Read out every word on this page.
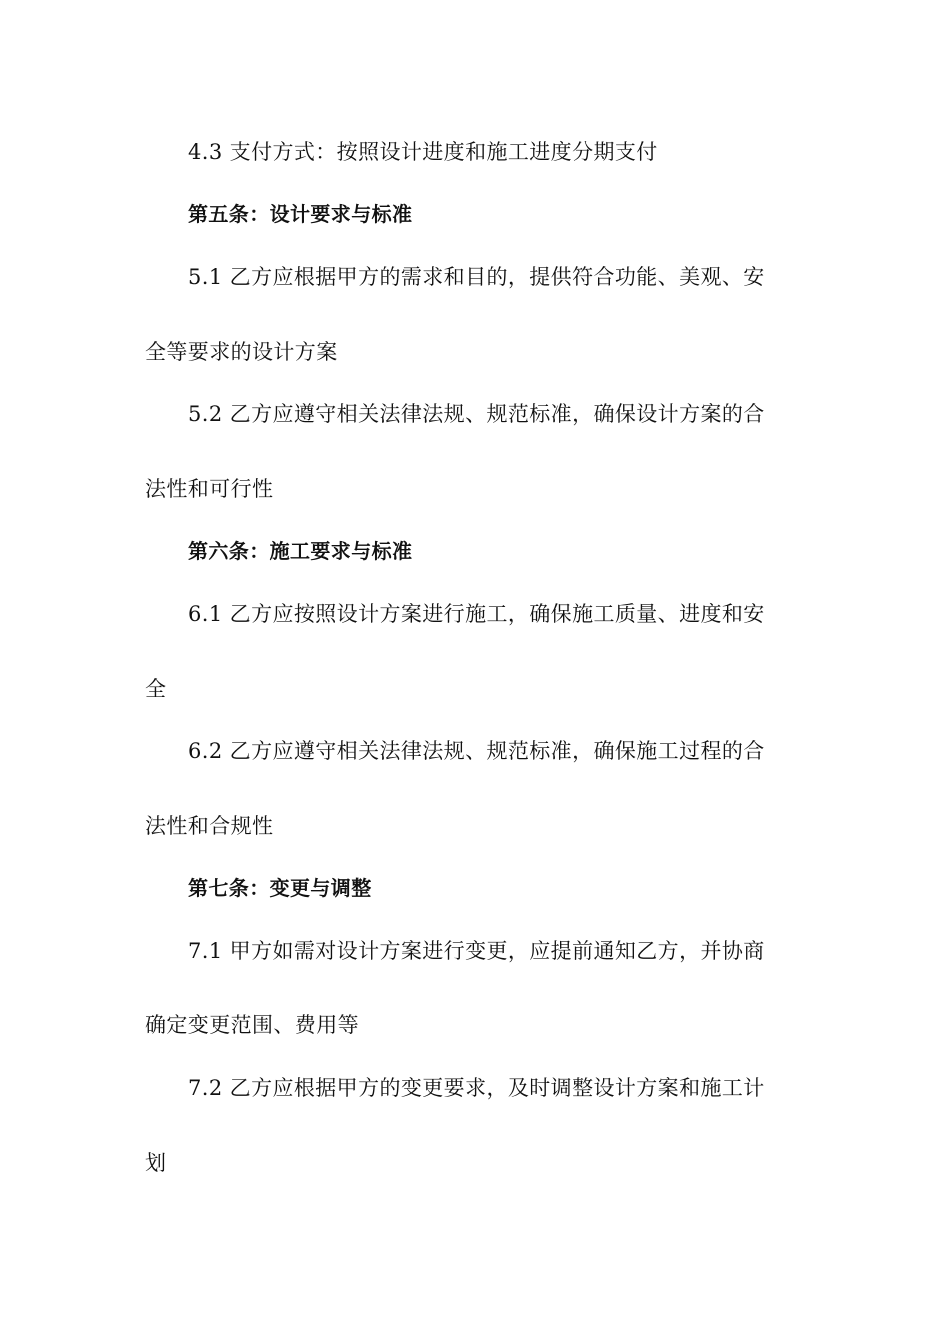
4.3 支付方式：按照设计进度和施工进度分期支付
第五条：设计要求与标准
5.1 乙方应根据甲方的需求和目的，提供符合功能、美观、安
全等要求的设计方案
5.2 乙方应遵守相关法律法规、规范标准，确保设计方案的合
法性和可行性
第六条：施工要求与标准
6.1 乙方应按照设计方案进行施工，确保施工质量、进度和安
全
6.2 乙方应遵守相关法律法规、规范标准，确保施工过程的合
法性和合规性
第七条：变更与调整
7.1 甲方如需对设计方案进行变更，应提前通知乙方，并协商
确定变更范围、费用等
7.2 乙方应根据甲方的变更要求，及时调整设计方案和施工计
划
